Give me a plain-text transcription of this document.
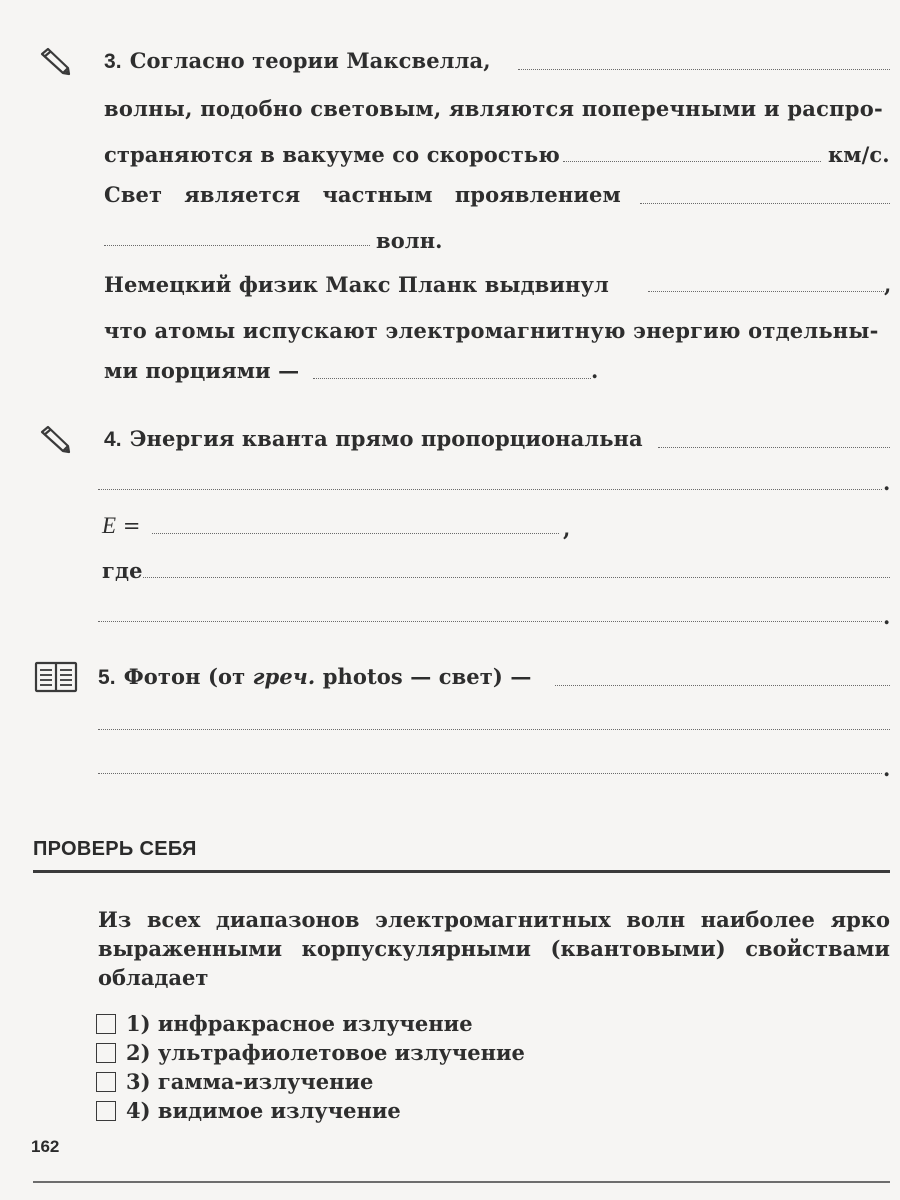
3. Согласно теории Максвелла,
волны, подобно световым, являются поперечными и распро-
страняются в вакууме со скоростью	км/с.
Свет   является   частным   проявлением
волн.
Немецкий физик Макс Планк выдвинул	,
что атомы испускают электромагнитную энергию отдельны-
ми порциями —	.
4. Энергия кванта прямо пропорциональна
.
E =	,
где
.
5. Фотон (от греч. photos — свет) —
.
ПРОВЕРЬ СЕБЯ
Из всех диапазонов электромагнитных волн наиболее ярко выраженными корпускулярными (квантовыми) свойствами обладает
1) инфракрасное излучение
2) ультрафиолетовое излучение
3) гамма-излучение
4) видимое излучение
162
